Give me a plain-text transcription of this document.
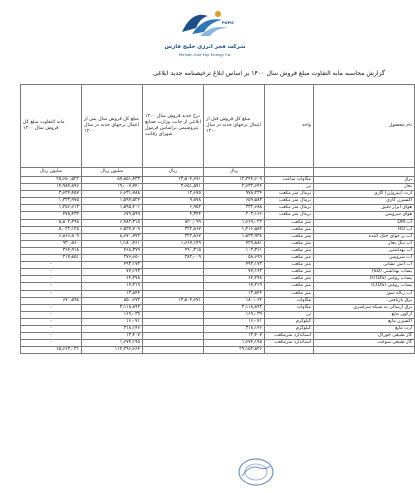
PGPIC
شرکت فجر انرژی خلیج فارس
Persian Gulf Fajr Energy Co.
گزارش محاسبه مابه التفاوت مبلغ فروش سال ۱۴۰۰ بر اساس ابلاغ ترخیصنامه جدید ابلاغی
نام محصول	واحد	مبلغ کل فروش قبل از اعمال نرخهای جدید در سال ۱۴۰۰	نرخ جدید فروش سال ۱۴۰۰ ابلاغی از جانب وزارت صنایع پتروشیمی براساس فرمول شورای رقابت	مبلغ کل فروش سال پس از اعمال نرخهای جدید در سال ۱۴۰۰	مابه التفاوت مبلغ کل فروش سال ۱۴۰۰
		ریال	ریال	میلیون ریال	میلیون ریال
برق	مگاوات ساعت	۱۲٫۲۴۴٫۶۰۹	۱۳٫۵۰۴٫۶۷۱	۵۷٫۸۵۱٫۴۳۳	۲۵٫۶۵۰٫۵۲۲
بخار	تن	۲٫۶۳۲٫۶۴۴	۳٫۶۵۱٫۵۷۱	۱۹٫۰۰۷٫۷۴۰	۱۴٫۹۸۴٫۸۹۶
ازت (نیتروژن) گازی	نرمال متر مکعب	۹۷۸٫۲۲۴	۱۲٫۶۷۵	۶٫۶۳۱٫۷۸۸	۳٫۶۲۴٫۴۵۷
اکسیژن گازی	نرمال متر مکعب	۶۵۹٫۵۸۳	۹٫۸۷۸	۱٫۵۹۷٫۵۲۴	۱٫۳۳۳٫۹۷۵
هوای ابزار دقیق	نرمال متر مکعب	۳۳۲٫۶۸۸	۶٫۹۵۲	۱٫۵۹۵٫۴۰۱	۱٫۲۵۶٫۶۱۳
هوای سرویس	نرمال متر مکعب	۲۰۳٫۱۶۶	۴٫۳۴۴	۶۷۹٫۵۹۹	۴۷۵٫۴۳۴
آب DM	متر مکعب	۱٫۶۶۹٫۰۲۲	۸۲۰٫۰۹۹	۶٫۹۸۲٫۳۱۵	۵٫۵۰۲٫۲۹۸
آب RO	متر مکعب	۱٫۲۱۶٫۵۸۴	۳۲۲٫۸۶۷	۶٫۵۳۷٫۷۰۹	۵٫۰۲۲٫۱۲۵
آب بر جهای خنک کننده	متر مکعب	۱٫۸۳۳٫۹۳۸	۳۲۲٫۸۶۷	۸٫۶۷۰٫۷۷۲	۶٫۸۶۶٫۸۰۹
آب دیگ بخار	متر مکعب	۴۲۹٫۸۸۱	۱٫۶۶۷٫۱۴۹	۱٫۱۸۰٫۴۶۱	۹۳۰٫۵۶۰
آب بهداشتی	متر مکعب	۱۰۳٫۳۶۱	۴۹۰٫۳۱۵	۴۶۸٫۳۷۹	۳۶۴٫۹۱۸
آب سرویس	متر مکعب	۵۸٫۶۹۹	۳۸۲٫۰۰۹	۲۷۶٫۶۵۰	۲۱۷٫۸۵۱
آب آتش نشانی	متر مکعب	۴۹۳٫۱۷۳		۴۹۳٫۱۷۳	-
پساب بهداشتی (SD)	متر مکعب	۷۷٫۱۹۳		۷۷٫۱۹۳	-
پساب روغنی (HTDS)	متر مکعب	۶۴٫۲۷۸		۶۴٫۲۷۸	-
پساب روغنی (LTDS)	متر مکعب	۱۷٫۲۱۹		۱۷٫۲۱۹	-
آب زباله سوز	متر مکعب	۱۳٫۸۴۴		۱۳٫۸۴۴	-
برق بازیافتی	مگاوات	۱۸۰٫۰۶۴	۱۳٫۵۰۴٫۶۷۱	۸۵۰٫۶۷۲	۶۷۰٫۵۹۸
برق ارسالی به شبکه سراسری	مگاوات	۳٫۱۱۸٫۸۹۳		۳٫۱۱۸٫۸۹۳	-
آرگون مایع	تن	۱۶۹٫۰۳۹		۱۶۹٫۰۳۹	-
اکسیژن مایع	کیلوگرم	۱۶٫۰۷۱		۱۶٫۰۷۱	-
ازت مایع	کیلوگرم	۳۱۸٫۱۴۶		۳۱۸٫۱۴۶	-
گاز طبیعی خوراک	استاندارد مترمکعب	۱۳٫۴۰۷		۱۳٫۴۰۷	-
گاز طبیعی سوخت	استاندارد مترمکعب	۱٫۶۷۴٫۱۹۵		۱٫۶۷۴٫۱۹۵	-
		۲۹٫۱۵۲٫۸۲۶		۱۱۴٫۲۹۶٫۶۶۴	۶۵٫۶۶۳٫۰۳۱
